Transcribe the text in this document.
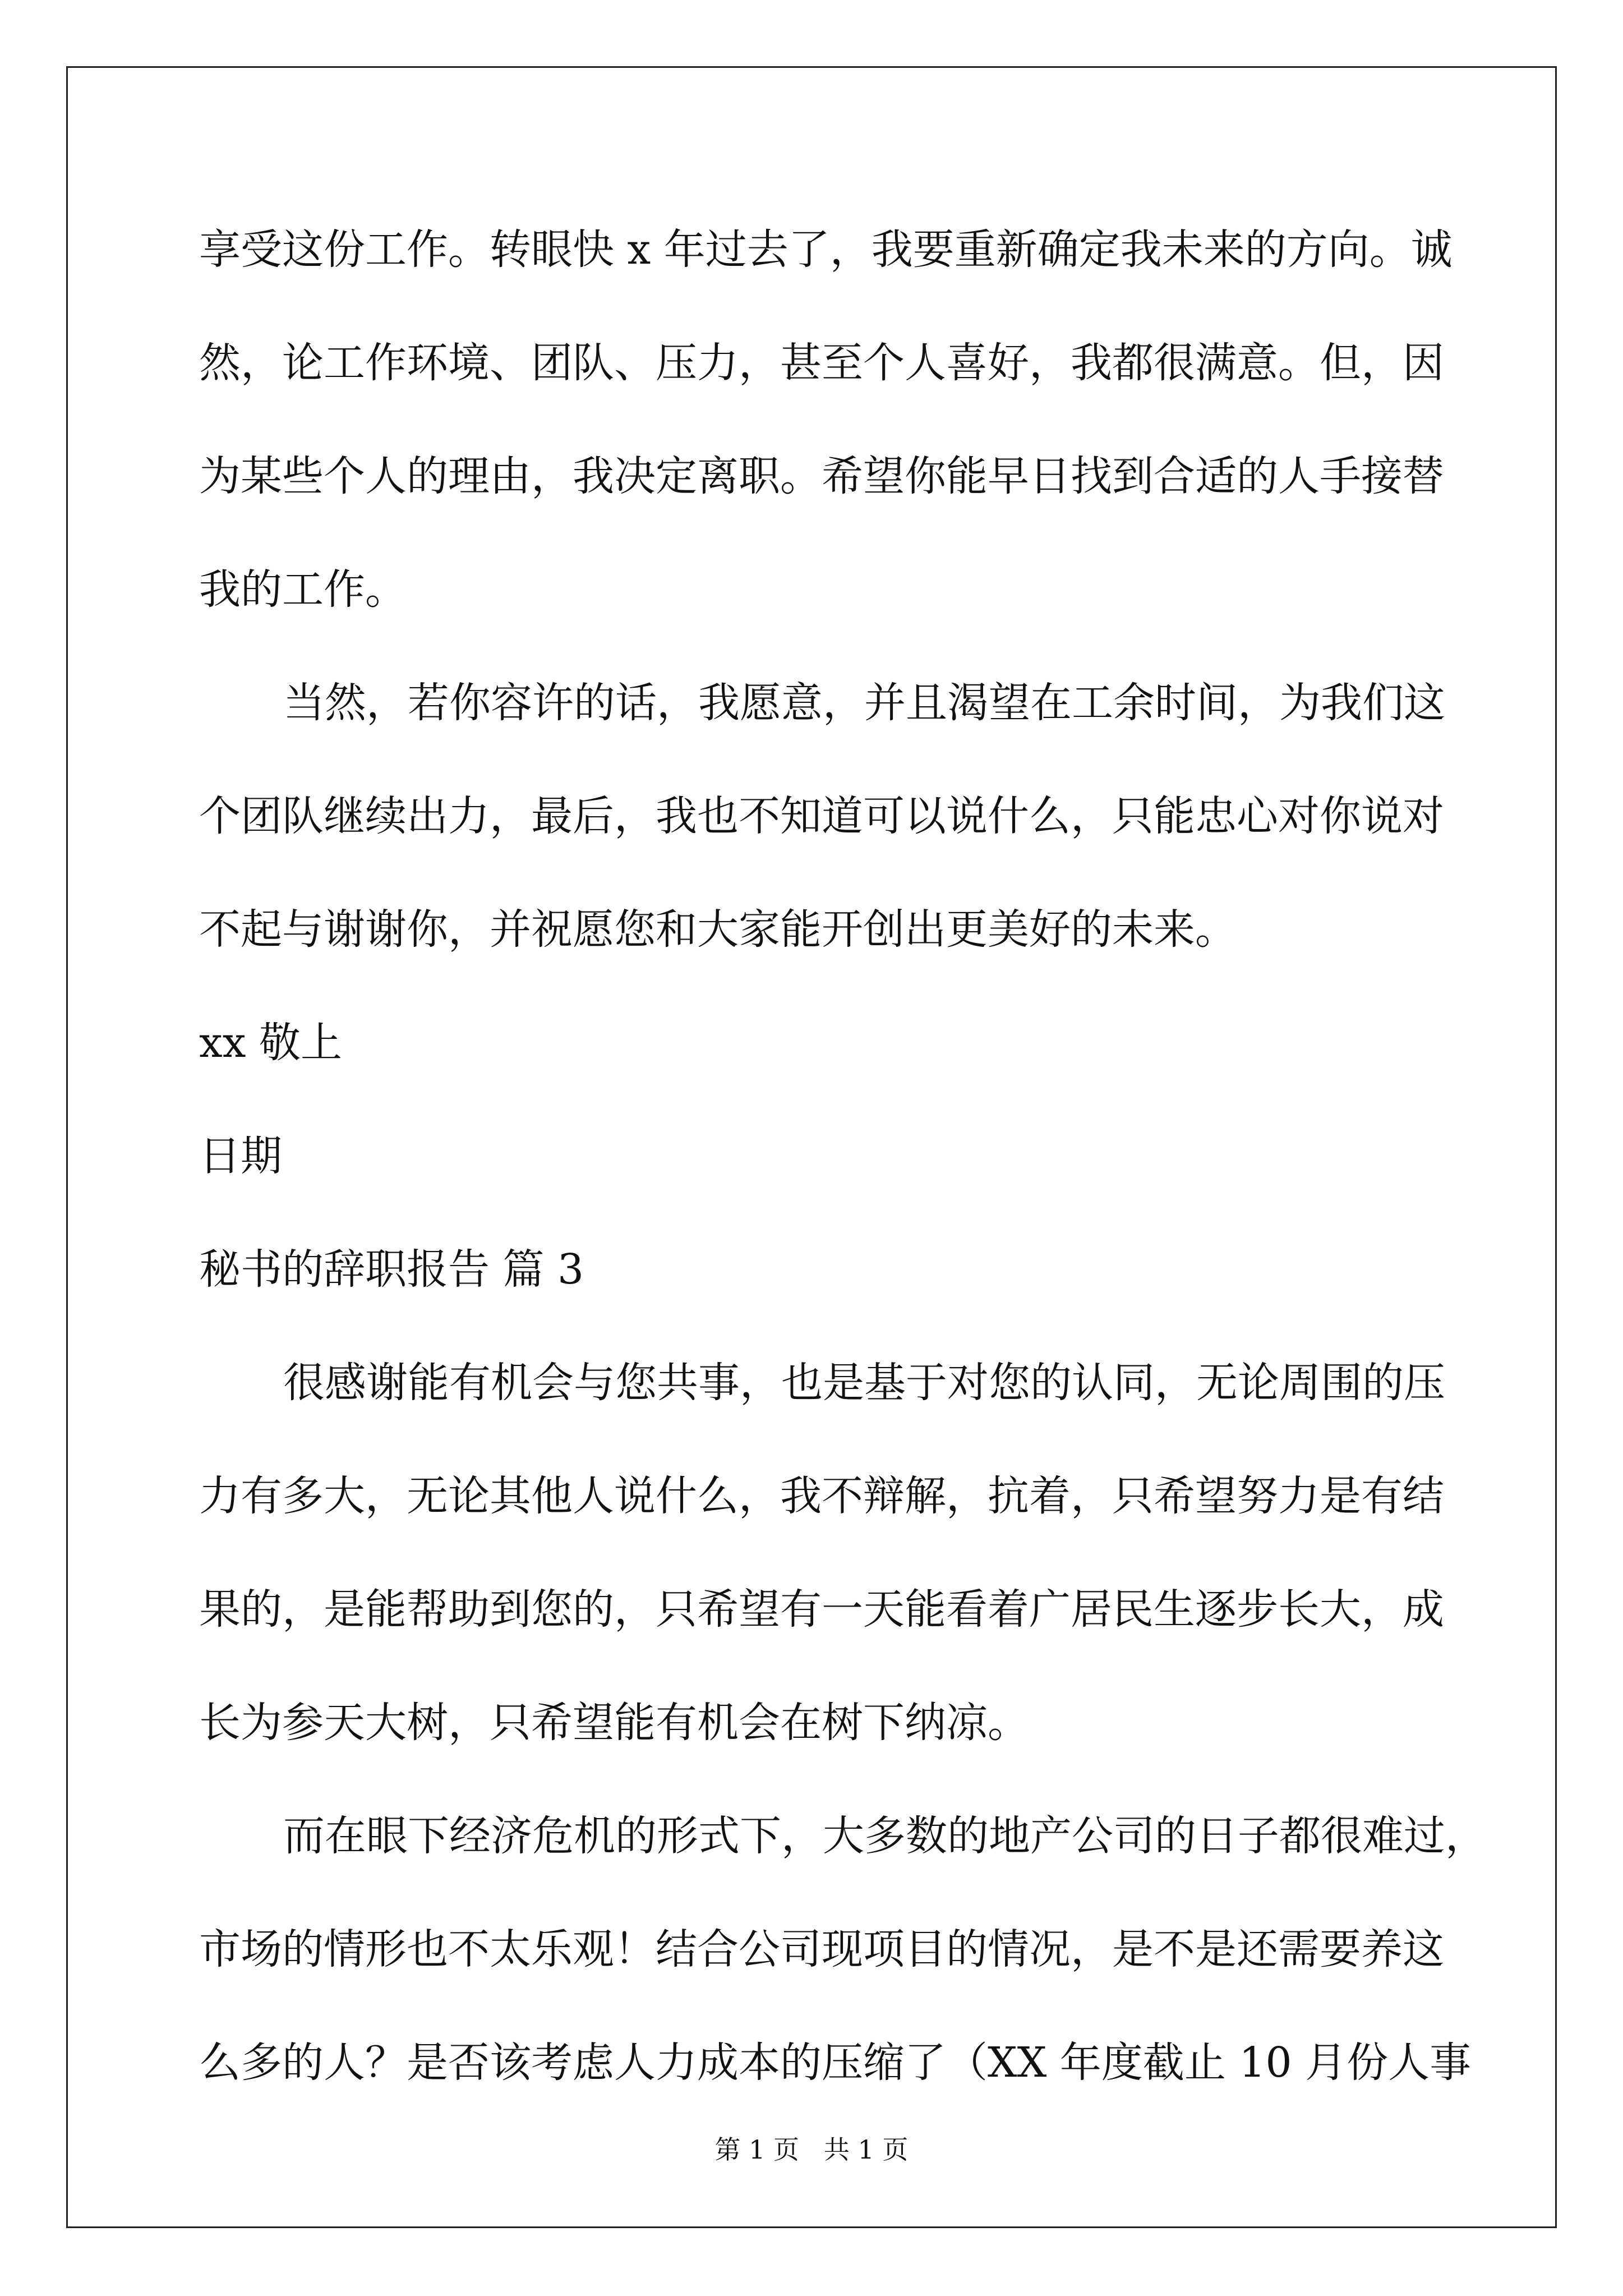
享受这份工作。转眼快 x 年过去了，我要重新确定我未来的方向。诚
然，论工作环境、团队、压力，甚至个人喜好，我都很满意。但，因
为某些个人的理由，我决定离职。希望你能早日找到合适的人手接替
我的工作。
当然，若你容许的话，我愿意，并且渴望在工余时间，为我们这
个团队继续出力，最后，我也不知道可以说什么，只能忠心对你说对
不起与谢谢你，并祝愿您和大家能开创出更美好的未来。
xx 敬上
日期
秘书的辞职报告 篇 3
很感谢能有机会与您共事，也是基于对您的认同，无论周围的压
力有多大，无论其他人说什么，我不辩解，抗着，只希望努力是有结
果的，是能帮助到您的，只希望有一天能看着广居民生逐步长大，成
长为参天大树，只希望能有机会在树下纳凉。
而在眼下经济危机的形式下，大多数的地产公司的日子都很难过，
市场的情形也不太乐观！结合公司现项目的情况，是不是还需要养这
么多的人？是否该考虑人力成本的压缩了（XX 年度截止 10 月份人事
第 1 页   共 1 页
